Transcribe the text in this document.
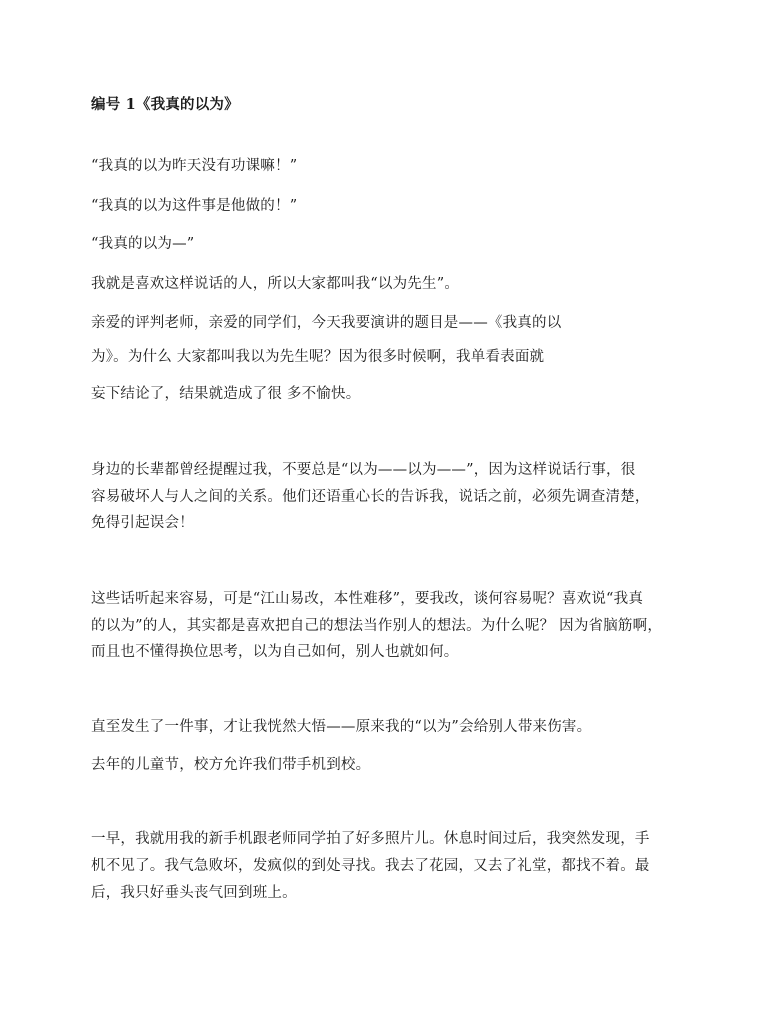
编号 1《我真的以为》
“我真的以为昨天没有功课嘛！”
“我真的以为这件事是他做的！”
“我真的以为—”
我就是喜欢这样说话的人，所以大家都叫我“以为先生”。
亲爱的评判老师，亲爱的同学们，今天我要演讲的题目是——《我真的以
为》。为什么 大家都叫我以为先生呢？因为很多时候啊，我单看表面就
妄下结论了，结果就造成了很 多不愉快。
身边的长辈都曾经提醒过我，不要总是“以为——以为——”，因为这样说话行事，很
容易破坏人与人之间的关系。他们还语重心长的告诉我，说话之前，必须先调查清楚，
免得引起误会！
这些话听起来容易，可是“江山易改，本性难移”，要我改，谈何容易呢？喜欢说“我真
的以为”的人，其实都是喜欢把自己的想法当作别人的想法。为什么呢？ 因为省脑筋啊，
而且也不懂得换位思考，以为自己如何，别人也就如何。
直至发生了一件事，才让我恍然大悟——原来我的“以为”会给别人带来伤害。
去年的儿童节，校方允许我们带手机到校。
一早，我就用我的新手机跟老师同学拍了好多照片儿。休息时间过后，我突然发现，手
机不见了。我气急败坏，发疯似的到处寻找。我去了花园，又去了礼堂，都找不着。最
后，我只好垂头丧气回到班上。
